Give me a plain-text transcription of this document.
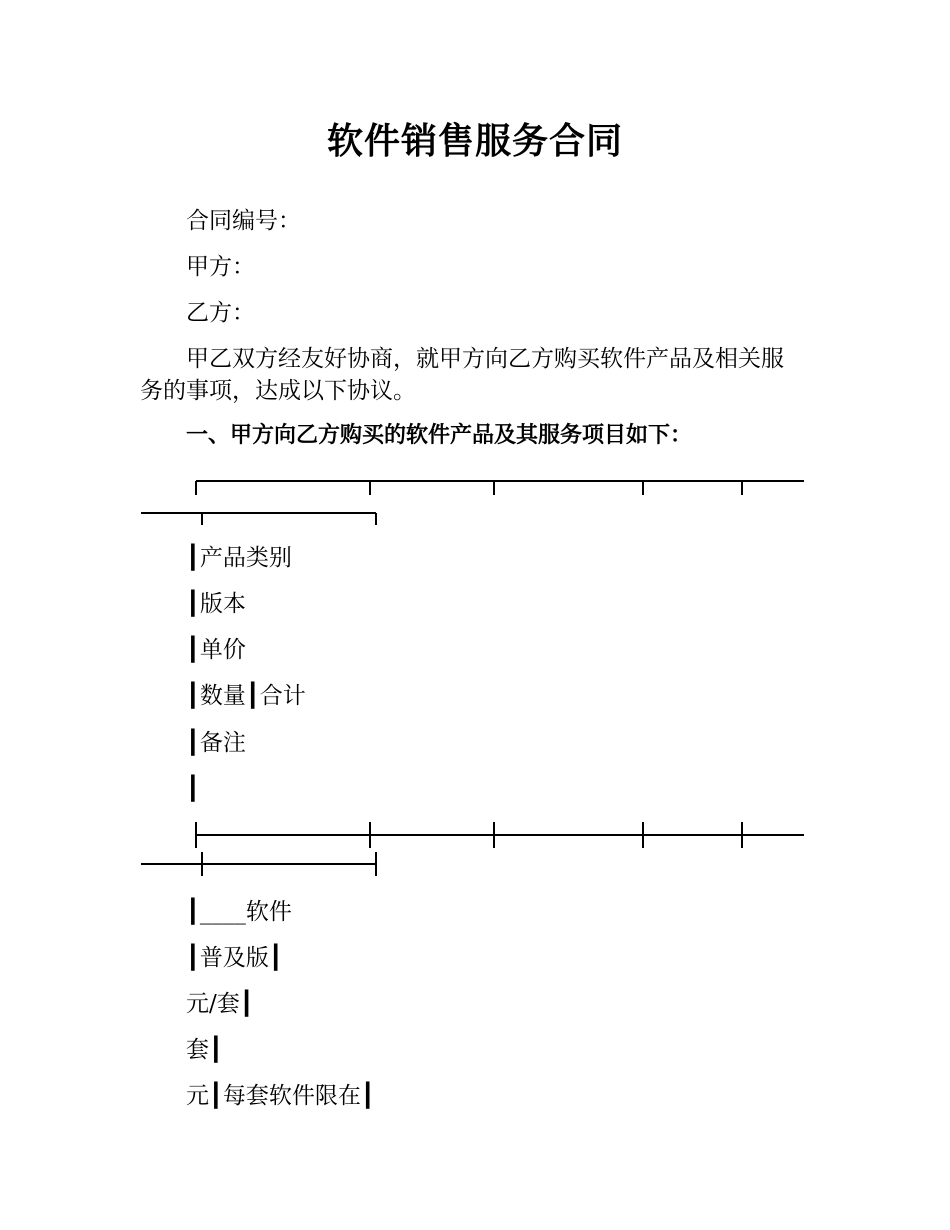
软件销售服务合同
合同编号：
甲方：
乙方：
甲乙双方经友好协商，就甲方向乙方购买软件产品及相关服务的事项，达成以下协议。
一、甲方向乙方购买的软件产品及其服务项目如下：
┃产品类别
┃版本
┃单价
┃数量┃合计
┃备注
┃
┃____软件
┃普及版┃
元/套┃
套┃
元┃每套软件限在┃
